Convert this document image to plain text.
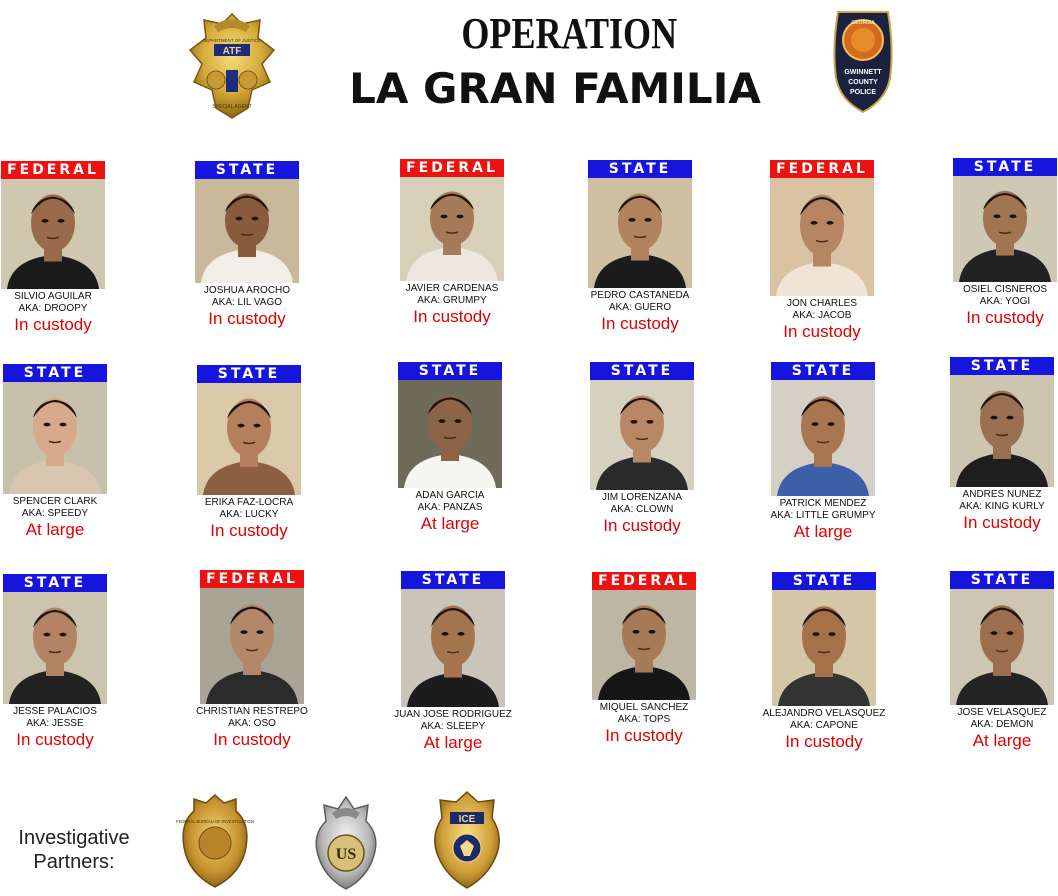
ATF
DEPARTMENT OF JUSTICE
SPECIAL AGENT
OPERATION
LA GRAN FAMILIA
GEORGIA
GWINNETT
COUNTY
POLICE
FEDERAL
SILVIO AGUILAR
AKA: DROOPY
In custody
STATE
JOSHUA AROCHO
AKA: LIL VAGO
In custody
FEDERAL
JAVIER CARDENAS
AKA: GRUMPY
In custody
STATE
PEDRO CASTANEDA
AKA: GUERO
In custody
FEDERAL
JON CHARLES
AKA: JACOB
In custody
STATE
OSIEL CISNEROS
AKA: YOGI
In custody
STATE
SPENCER CLARK
AKA: SPEEDY
At large
STATE
ERIKA FAZ-LOCRA
AKA: LUCKY
In custody
STATE
ADAN GARCIA
AKA: PANZAS
At large
STATE
JIM LORENZANA
AKA: CLOWN
In custody
STATE
PATRICK MENDEZ
AKA: LITTLE GRUMPY
At large
STATE
ANDRES NUNEZ
AKA: KING KURLY
In custody
STATE
JESSE PALACIOS
AKA: JESSE
In custody
FEDERAL
CHRISTIAN RESTREPO
AKA: OSO
In custody
STATE
JUAN JOSE RODRIGUEZ
AKA: SLEEPY
At large
FEDERAL
MIQUEL SANCHEZ
AKA: TOPS
In custody
STATE
ALEJANDRO VELASQUEZ
AKA: CAPONE
In custody
STATE
JOSE VELASQUEZ
AKA: DEMON
At large
Investigative
Partners:
FEDERAL BUREAU OF INVESTIGATION
US
ICE
